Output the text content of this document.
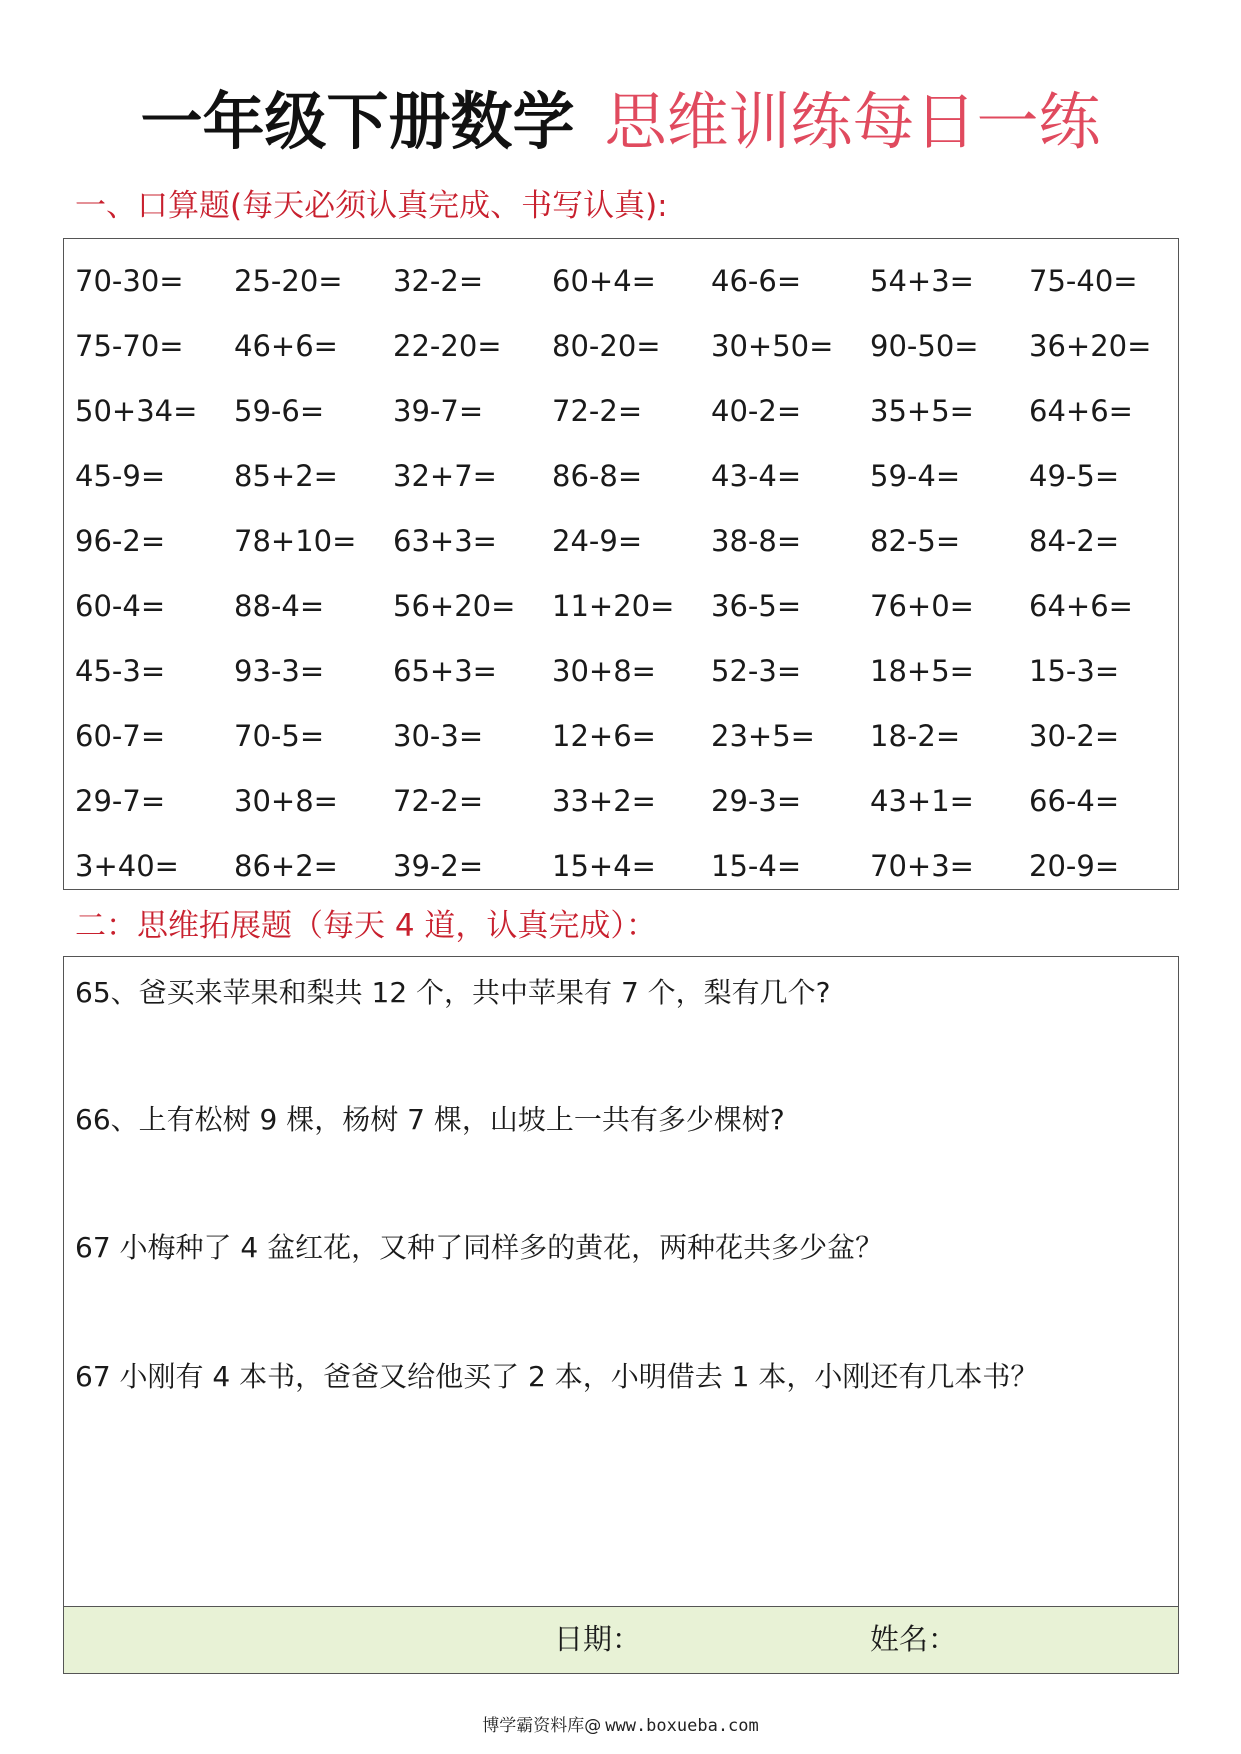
一年级下册数学 思维训练每日一练
一、口算题(每天必须认真完成、书写认真):
70-30=	25-20=	32-2=	60+4=	46-6=	54+3=	75-40=
75-70=	46+6=	22-20=	80-20=	30+50=	90-50=	36+20=
50+34=	59-6=	39-7=	72-2=	40-2=	35+5=	64+6=
45-9=	85+2=	32+7=	86-8=	43-4=	59-4=	49-5=
96-2=	78+10=	63+3=	24-9=	38-8=	82-5=	84-2=
60-4=	88-4=	56+20=	11+20=	36-5=	76+0=	64+6=
45-3=	93-3=	65+3=	30+8=	52-3=	18+5=	15-3=
60-7=	70-5=	30-3=	12+6=	23+5=	18-2=	30-2=
29-7=	30+8=	72-2=	33+2=	29-3=	43+1=	66-4=
3+40=	86+2=	39-2=	15+4=	15-4=	70+3=	20-9=
二：思维拓展题（每天 4 道，认真完成）：
65、爸买来苹果和梨共 12 个，共中苹果有 7 个，梨有几个?
66、上有松树 9 棵，杨树 7 棵，山坡上一共有多少棵树?
67 小梅种了 4 盆红花，又种了同样多的黄花，两种花共多少盆？
67 小刚有 4 本书，爸爸又给他买了 2 本，小明借去 1 本，小刚还有几本书？
日期：	姓名：
博学霸资料库@ www.boxueba.com
